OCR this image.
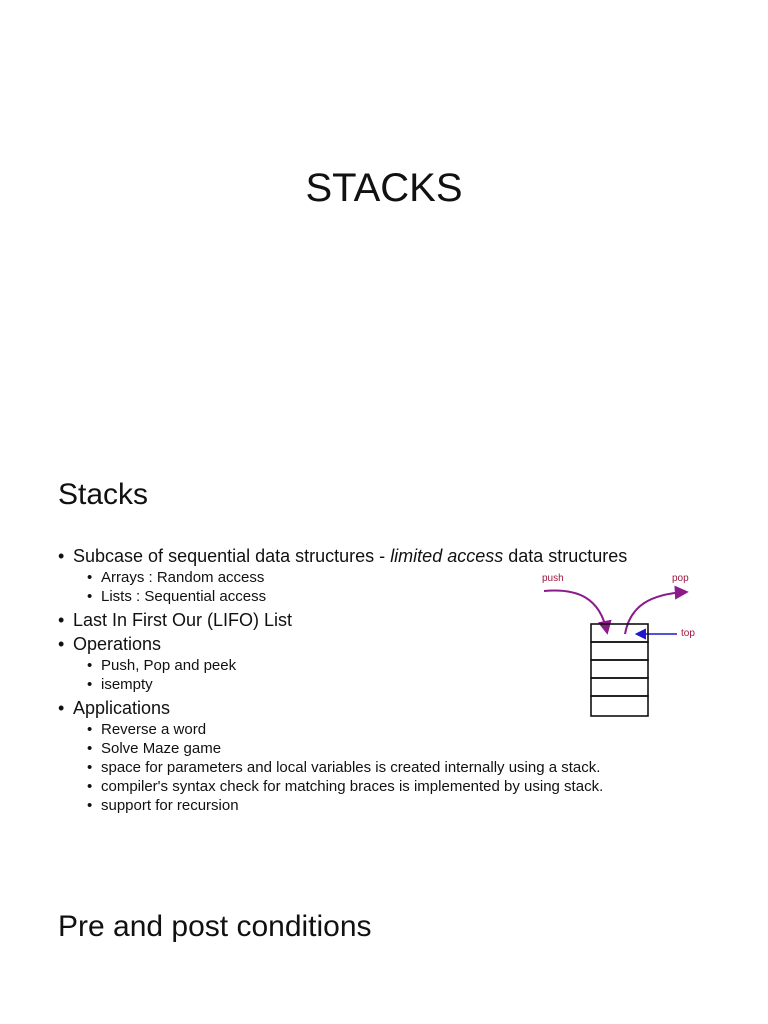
STACKS
Stacks
• Subcase of sequential data structures - limited access data structures
• Arrays : Random access
• Lists : Sequential access
• Last In First Our (LIFO) List
• Operations
• Push, Pop and peek
• isempty
• Applications
• Reverse a word
• Solve Maze game
• space for parameters and local variables is created internally using a stack.
• compiler's syntax check for matching braces is implemented by using stack.
• support for recursion
push	pop
top
Pre and post conditions
